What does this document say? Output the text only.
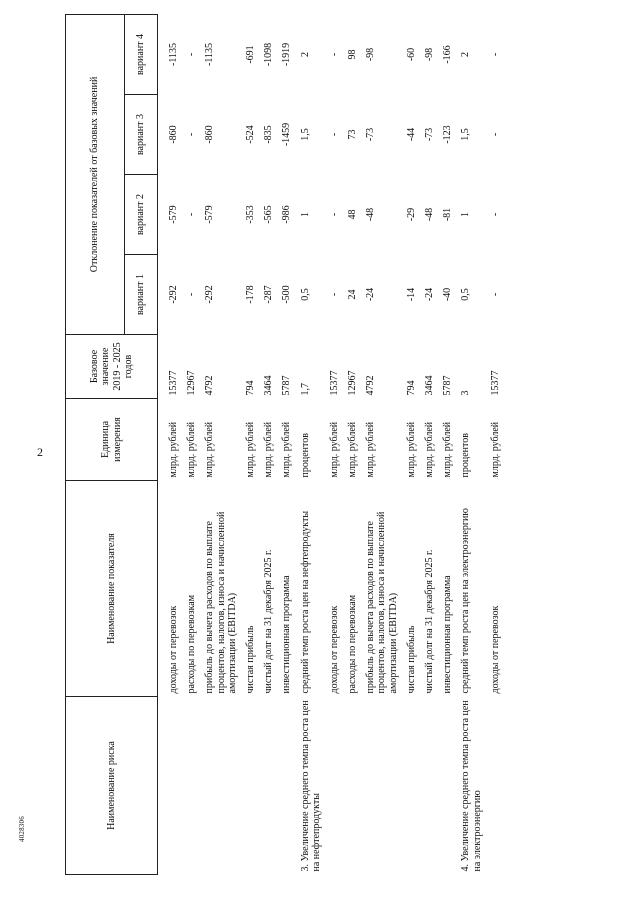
2
Наименование риска	Наименование показателя	Единица измерения	Базовое значение 2019 - 2025 годов	Отклонение показателей от базовых значений			
				вариант 1	вариант 2	вариант 3	вариант 4

	доходы от перевозок	млрд. рублей	15377	-292	-579	-860	-1135
	расходы по перевозкам	млрд. рублей	12967	-	-	-	-
	прибыль до вычета расходов по выплате процентов, налогов, износа и начисленной амортизации (EBITDA)	млрд. рублей	4792	-292	-579	-860	-1135
	чистая прибыль	млрд. рублей	794	-178	-353	-524	-691
	чистый долг на 31 декабря 2025 г.	млрд. рублей	3464	-287	-565	-835	-1098
	инвестиционная программа	млрд. рублей	5787	-500	-986	-1459	-1919
3. Увеличение среднего темпа роста цен на нефтепродукты	средний темп роста цен на нефтепродукты	процентов	1,7	0,5	1	1,5	2
	доходы от перевозок	млрд. рублей	15377	-	-	-	-
	расходы по перевозкам	млрд. рублей	12967	24	48	73	98
	прибыль до вычета расходов по выплате процентов, налогов, износа и начисленной амортизации (EBITDA)	млрд. рублей	4792	-24	-48	-73	-98
	чистая прибыль	млрд. рублей	794	-14	-29	-44	-60
	чистый долг на 31 декабря 2025 г.	млрд. рублей	3464	-24	-48	-73	-98
	инвестиционная программа	млрд. рублей	5787	-40	-81	-123	-166
4. Увеличение среднего темпа роста цен на электроэнергию	средний темп роста цен на электроэнергию	процентов	3	0,5	1	1,5	2
	доходы от перевозок	млрд. рублей	15377	-	-	-	-
4028306
